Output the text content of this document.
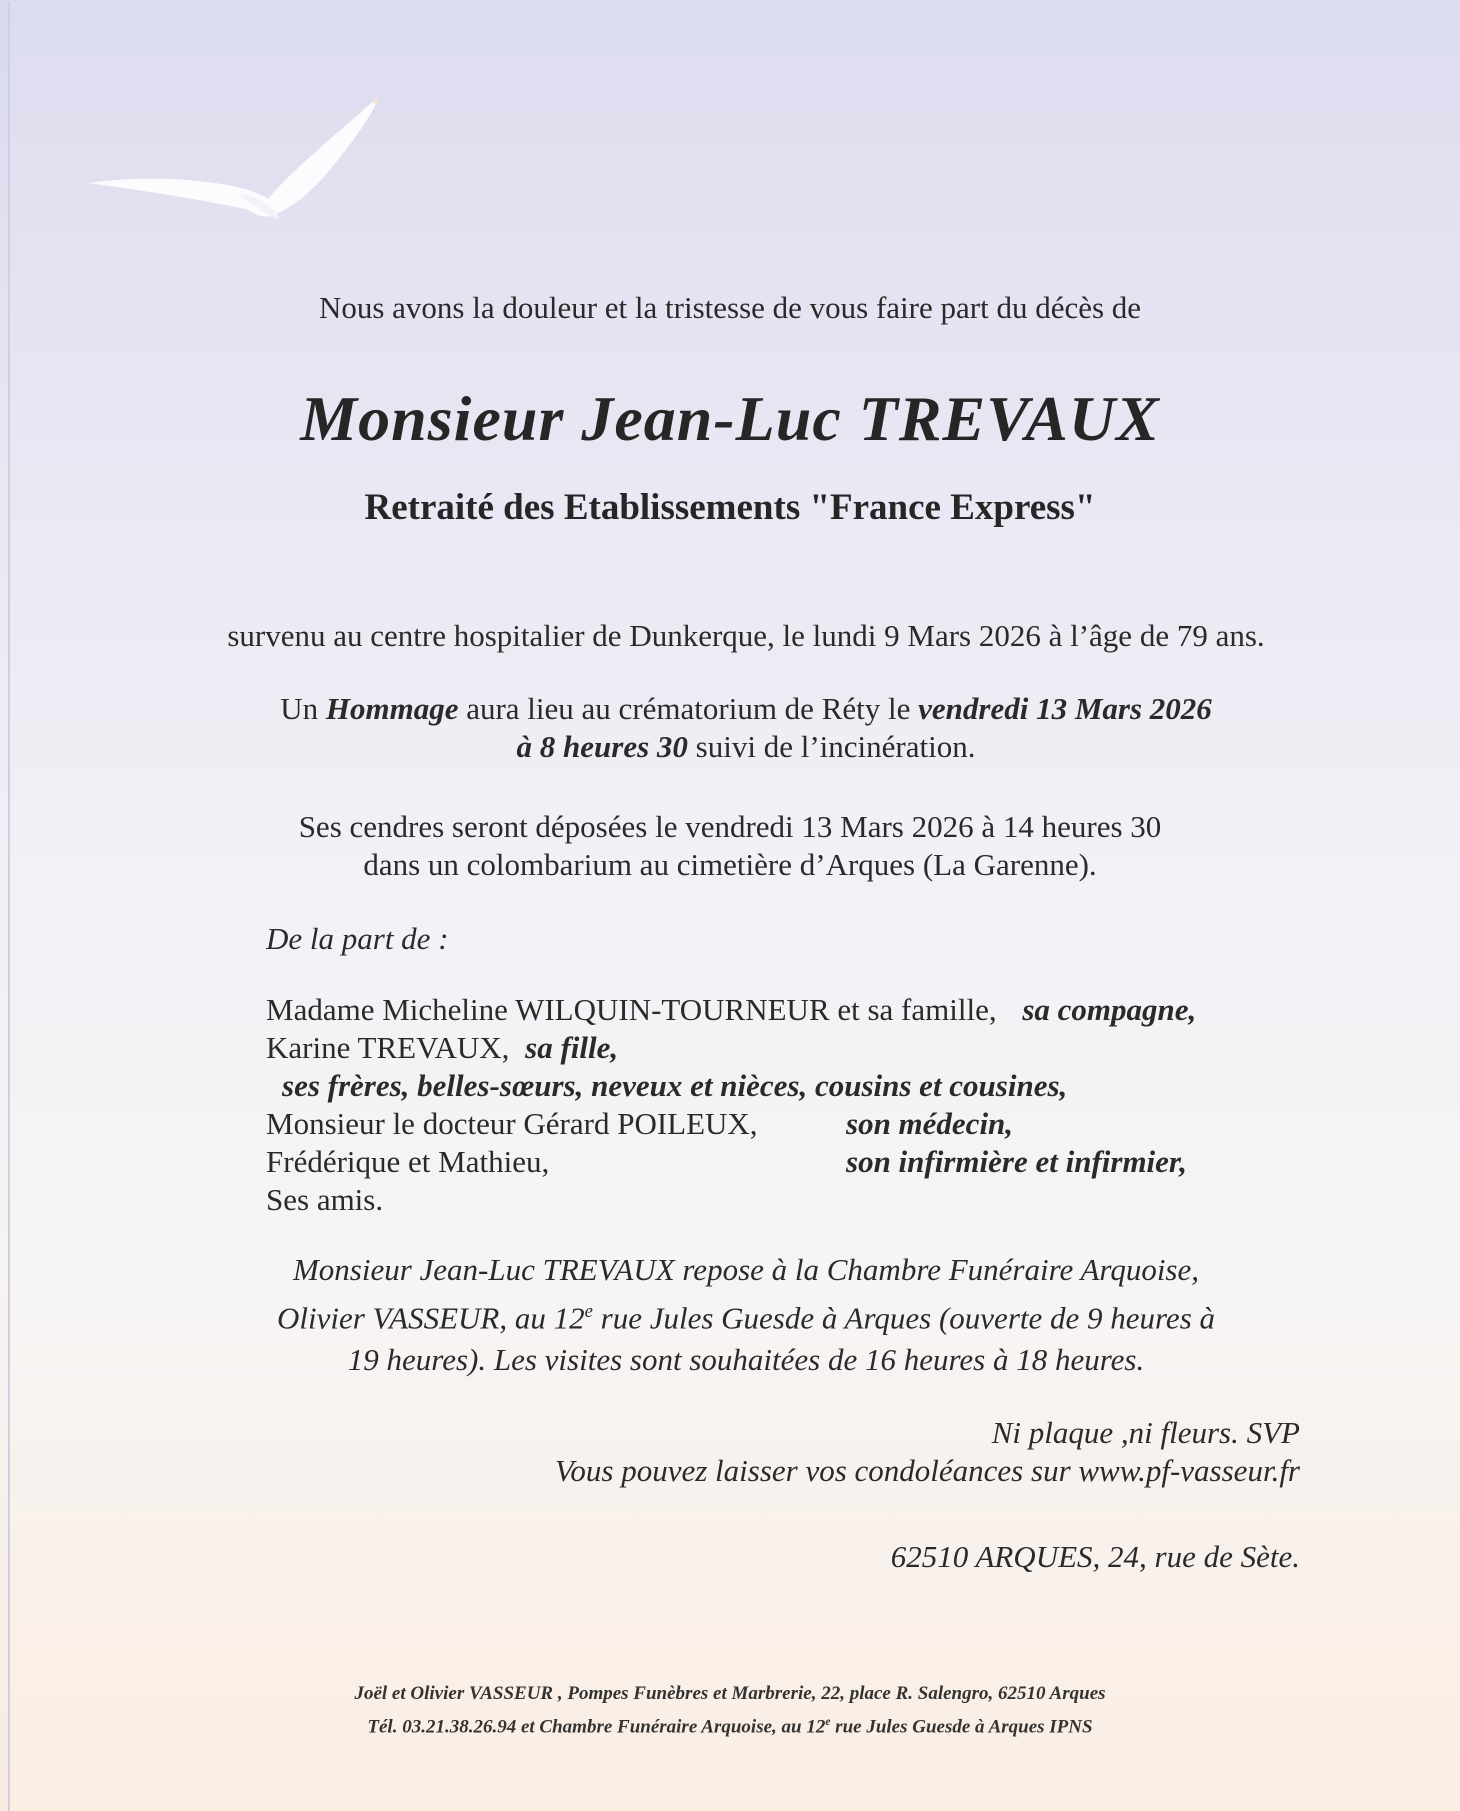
Nous avons la douleur et la tristesse de vous faire part du décès de
Monsieur Jean-Luc TREVAUX
Retraité des Etablissements "France Express"
survenu au centre hospitalier de Dunkerque, le lundi 9 Mars 2026 à l’âge de 79 ans.
Un Hommage aura lieu au crématorium de Réty le vendredi 13 Mars 2026
à 8 heures 30 suivi de l’incinération.
Ses cendres seront déposées le vendredi 13 Mars 2026 à 14 heures 30
dans un colombarium au cimetière d’Arques (La Garenne).
De la part de :
Madame Micheline WILQUIN-TOURNEUR et sa famille, sa compagne,
Karine TREVAUX, sa fille,
ses frères, belles-sœurs, neveux et nièces, cousins et cousines,
Monsieur le docteur Gérard POILEUX,	son médecin,
Frédérique et Mathieu,	son infirmière et infirmier,
Ses amis.
Monsieur Jean-Luc TREVAUX repose à la Chambre Funéraire Arquoise,
Olivier VASSEUR, au 12e rue Jules Guesde à Arques (ouverte de 9 heures à
19 heures). Les visites sont souhaitées de 16 heures à 18 heures.
Ni plaque ,ni fleurs. SVP
Vous pouvez laisser vos condoléances sur www.pf-vasseur.fr
62510 ARQUES, 24, rue de Sète.
Joël et Olivier VASSEUR , Pompes Funèbres et Marbrerie, 22, place R. Salengro, 62510 Arques
Tél. 03.21.38.26.94 et Chambre Funéraire Arquoise, au 12e rue Jules Guesde à Arques IPNS
